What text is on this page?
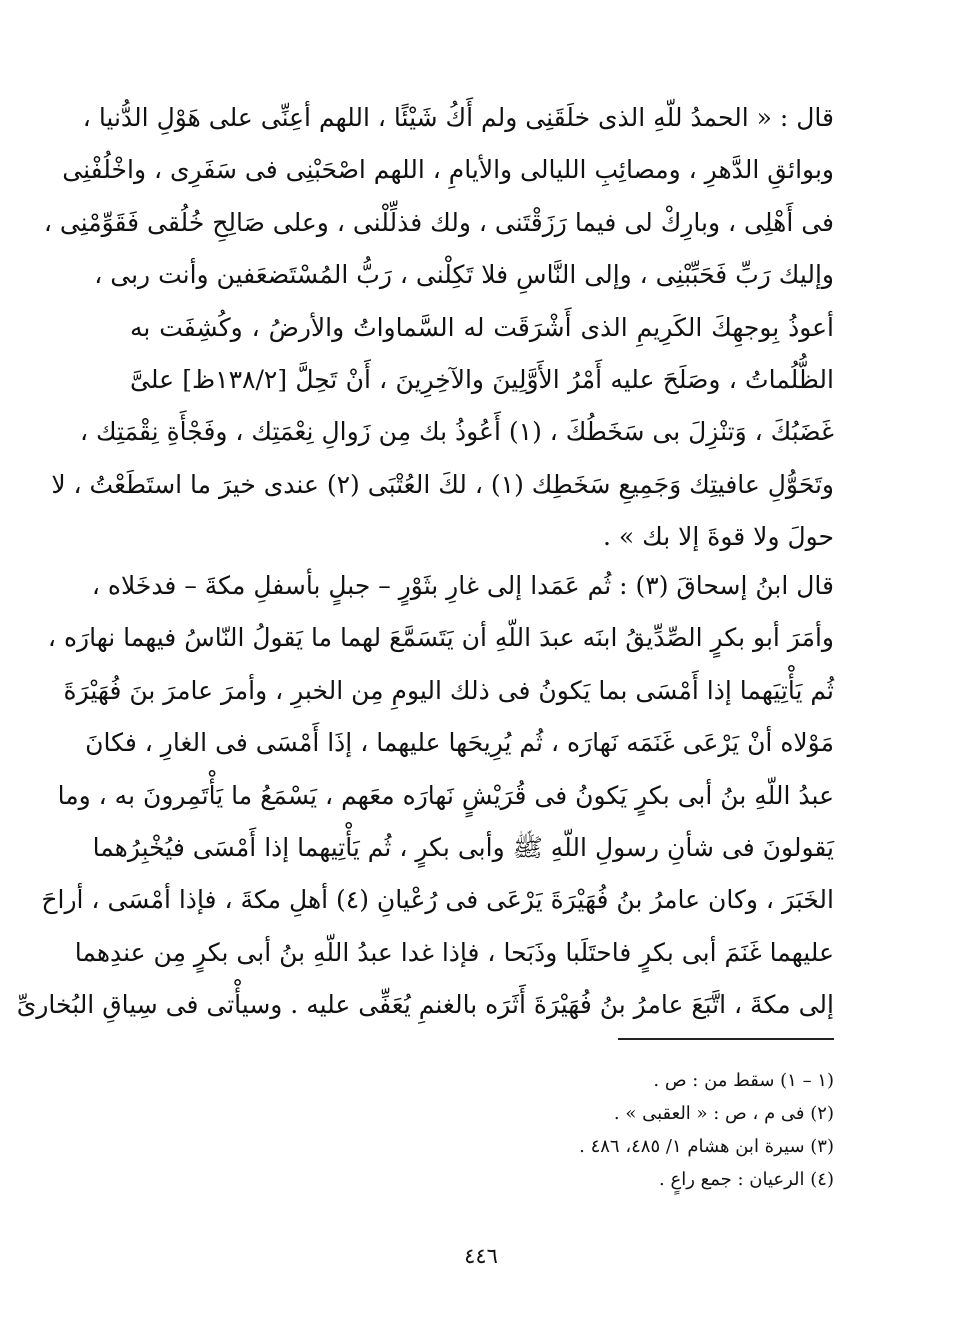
قال : « الحمدُ للّهِ الذى خلَقَنِى ولم أَكُ شَيْئًا ، اللهم أعِنِّى على هَوْلِ الدُّنيا ،
وبوائقِ الدَّهرِ ، ومصائِبِ الليالى والأيامِ ، اللهم اصْحَبْنِى فى سَفَرِى ، واخْلُفْنِى
فى أَهْلِى ، وبارِكْ لى فيما رَزَقْتَنى ، ولك فذلِّلْنى ، وعلى صَالِحِ خُلُقى فَقَوِّمْنِى ،
وإليك رَبِّ فَحَبِّبْنِى ، وإلى النَّاسِ فلا تَكِلْنى ، رَبُّ المُسْتَضعَفين وأنت ربى ،
أعوذُ بِوجهِكَ الكَرِيمِ الذى أَشْرَقَت له السَّماواتُ والأرضُ ، وكُشِفَت به
الظُّلُماتُ ، وصَلَحَ عليه أَمْرُ الأَوَّلِينَ والآخِرِينَ ، أَنْ تَحِلَّ [١٣٨/٢ظ] علىَّ
غَضَبُكَ ، وَتنْزِلَ بى سَخَطُكَ ، (١) أَعُوذُ بك مِن زَوالِ نِعْمَتِك ، وفَجْأَةِ نِقْمَتِك ،
وتَحَوُّلِ عافيتِك وَجَمِيعِ سَخَطِك (١) ، لكَ العُتْبَى (٢) عندى خيرَ ما استَطَعْتُ ، لا
حولَ ولا قوةَ إلا بك » .
قال ابنُ إسحاقَ (٣) : ثُم عَمَدا إلى غارِ بثَوْرٍ – جبلٍ بأسفلِ مكةَ – فدخَلاه ،
وأمَرَ أبو بكرٍ الصِّدِّيقُ ابنَه عبدَ اللّهِ أن يَتَسَمَّعَ لهما ما يَقولُ النّاسُ فيهما نهارَه ،
ثُم يَأْتِيَهما إذا أَمْسَى بما يَكونُ فى ذلك اليومِ مِن الخبرِ ، وأمرَ عامرَ بنَ فُهَيْرَةَ
مَوْلاه أنْ يَرْعَى غَنَمَه نَهارَه ، ثُم يُرِيحَها عليهما ، إذَا أَمْسَى فى الغارِ ، فكانَ
عبدُ اللّهِ بنُ أبى بكرٍ يَكونُ فى قُرَيْشٍ نَهارَه معَهم ، يَسْمَعُ ما يَأْتَمِرونَ به ، وما
يَقولونَ فى شأنِ رسولِ اللّهِ ﷺ وأبى بكرٍ ، ثُم يَأْتِيهما إذا أَمْسَى فيُخْبِرُهما
الخَبَرَ ، وكان عامرُ بنُ فُهَيْرَةَ يَرْعَى فى رُعْيانِ (٤) أهلِ مكةَ ، فإذا أمْسَى ، أراحَ
عليهما غَنَمَ أبى بكرٍ فاحتَلَبا وذَبَحا ، فإذا غدا عبدُ اللّهِ بنُ أبى بكرٍ مِن عندِهما
إلى مكةَ ، اتَّبَعَ عامرُ بنُ فُهَيْرَةَ أَثَرَه بالغنمِ يُعَفِّى عليه . وسيأْتى فى سِياقِ البُخارىِّ
(١ – ١) سقط من : ص .
(٢) فى م ، ص : « العقبى » .
(٣) سيرة ابن هشام ١/ ٤٨٥، ٤٨٦ .
(٤) الرعيان : جمع راعٍ .
٤٤٦
